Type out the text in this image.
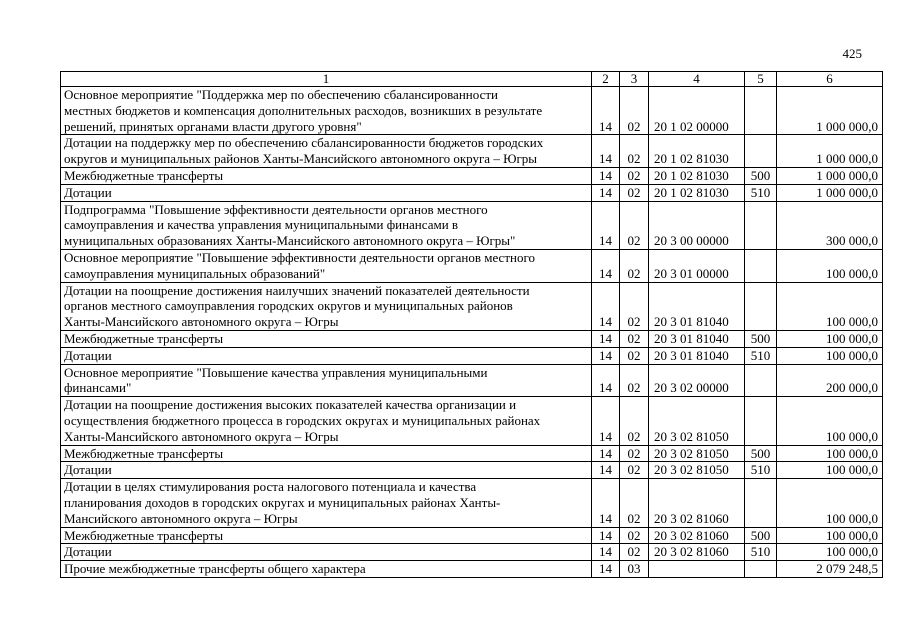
425
1	2	3	4	5	6

Основное мероприятие "Поддержка мер по обеспечению сбалансированности
местных бюджетов и компенсация дополнительных расходов, возникших в результате
решений, принятых органами власти другого уровня"	14	02	20 1 02 00000		1 000 000,0

Дотации на поддержку мер по обеспечению сбалансированности бюджетов городских
округов и муниципальных районов Ханты-Мансийского автономного округа – Югры	14	02	20 1 02 81030		1 000 000,0

Межбюджетные трансферты	14	02	20 1 02 81030	500	1 000 000,0

Дотации	14	02	20 1 02 81030	510	1 000 000,0

Подпрограмма "Повышение эффективности деятельности органов местного
самоуправления и качества управления муниципальными финансами в
муниципальных образованиях Ханты-Мансийского автономного округа – Югры"	14	02	20 3 00 00000		300 000,0

Основное мероприятие "Повышение эффективности деятельности органов местного
самоуправления муниципальных образований"	14	02	20 3 01 00000		100 000,0

Дотации на поощрение достижения наилучших значений показателей деятельности
органов местного самоуправления городских округов и муниципальных районов
Ханты-Мансийского автономного округа – Югры	14	02	20 3 01 81040		100 000,0

Межбюджетные трансферты	14	02	20 3 01 81040	500	100 000,0

Дотации	14	02	20 3 01 81040	510	100 000,0

Основное мероприятие "Повышение качества управления муниципальными
финансами"	14	02	20 3 02 00000		200 000,0

Дотации на поощрение достижения высоких показателей качества организации и
осуществления бюджетного процесса в городских округах и муниципальных районах
Ханты-Мансийского автономного округа – Югры	14	02	20 3 02 81050		100 000,0

Межбюджетные трансферты	14	02	20 3 02 81050	500	100 000,0

Дотации	14	02	20 3 02 81050	510	100 000,0

Дотации в целях стимулирования роста налогового потенциала и качества
планирования доходов в городских округах и муниципальных районах Ханты-
Мансийского автономного округа – Югры	14	02	20 3 02 81060		100 000,0

Межбюджетные трансферты	14	02	20 3 02 81060	500	100 000,0

Дотации	14	02	20 3 02 81060	510	100 000,0

Прочие межбюджетные трансферты общего характера	14	03			2 079 248,5
